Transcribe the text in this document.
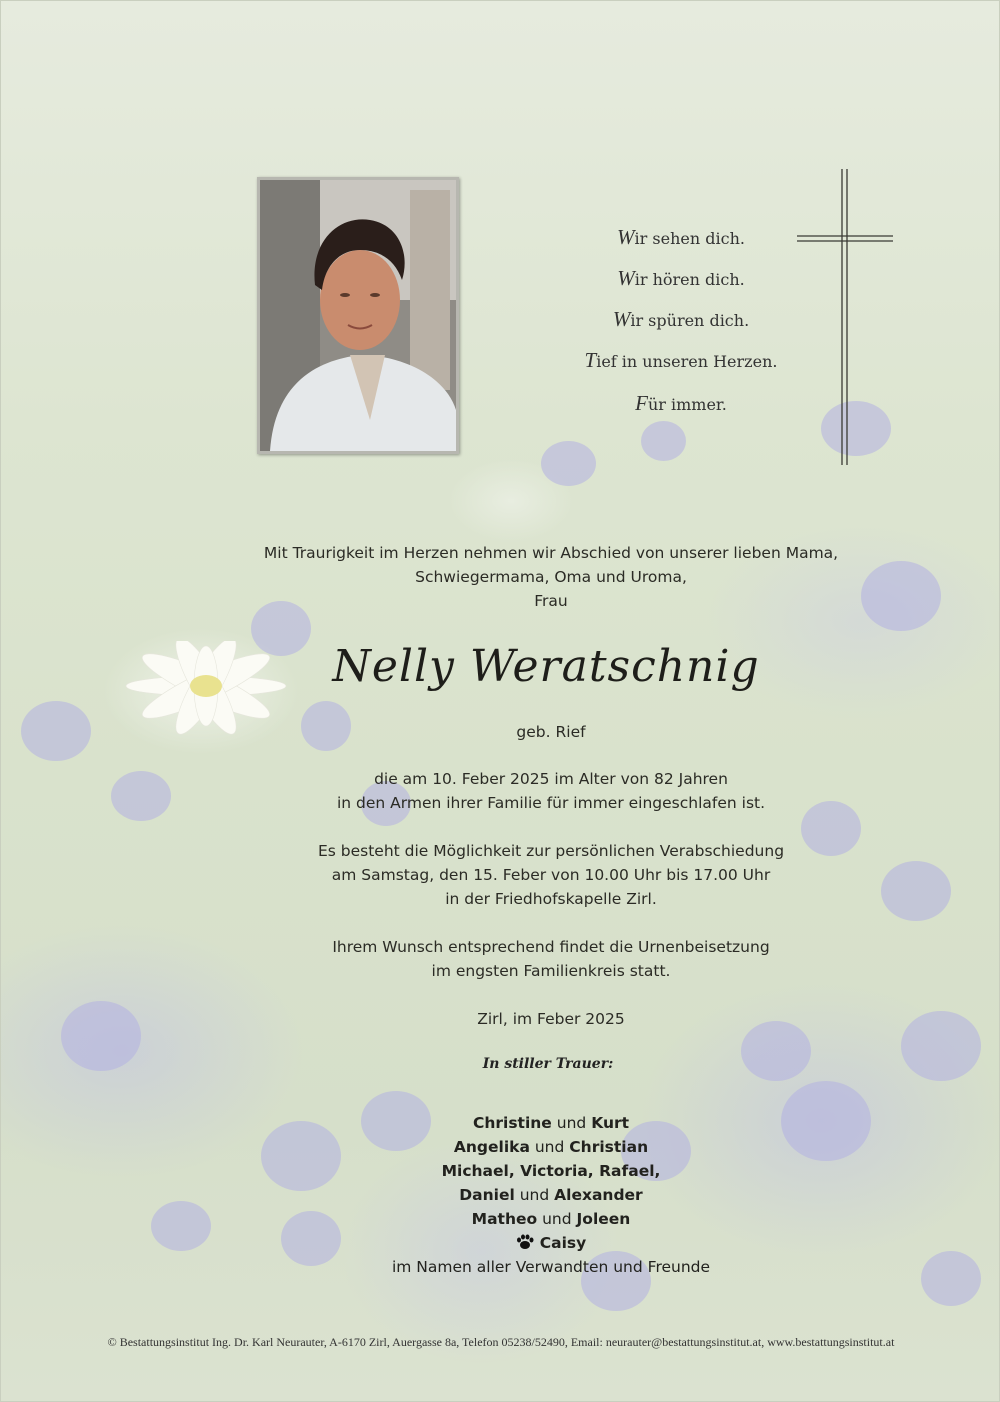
Wir sehen dich.
Wir hören dich.
Wir spüren dich.
Tief in unseren Herzen.
Für immer.
Mit Traurigkeit im Herzen nehmen wir Abschied von unserer lieben Mama,
Schwiegermama, Oma und Uroma,
Frau
Nelly Weratschnig
geb. Rief
die am 10. Feber 2025 im Alter von 82 Jahren
in den Armen ihrer Familie für immer eingeschlafen ist.
Es besteht die Möglichkeit zur persönlichen Verabschiedung
am Samstag, den 15. Feber von 10.00 Uhr bis 17.00 Uhr
in der Friedhofskapelle Zirl.
Ihrem Wunsch entsprechend findet die Urnenbeisetzung
im engsten Familienkreis statt.
Zirl, im Feber 2025
In stiller Trauer:
Christine und Kurt
Angelika und Christian
Michael, Victoria, Rafael,
Daniel und Alexander
Matheo und Joleen
Caisy
im Namen aller Verwandten und Freunde
© Bestattungsinstitut Ing. Dr. Karl Neurauter, A-6170 Zirl, Auergasse 8a, Telefon 05238/52490, Email: neurauter@bestattungsinstitut.at, www.bestattungsinstitut.at
